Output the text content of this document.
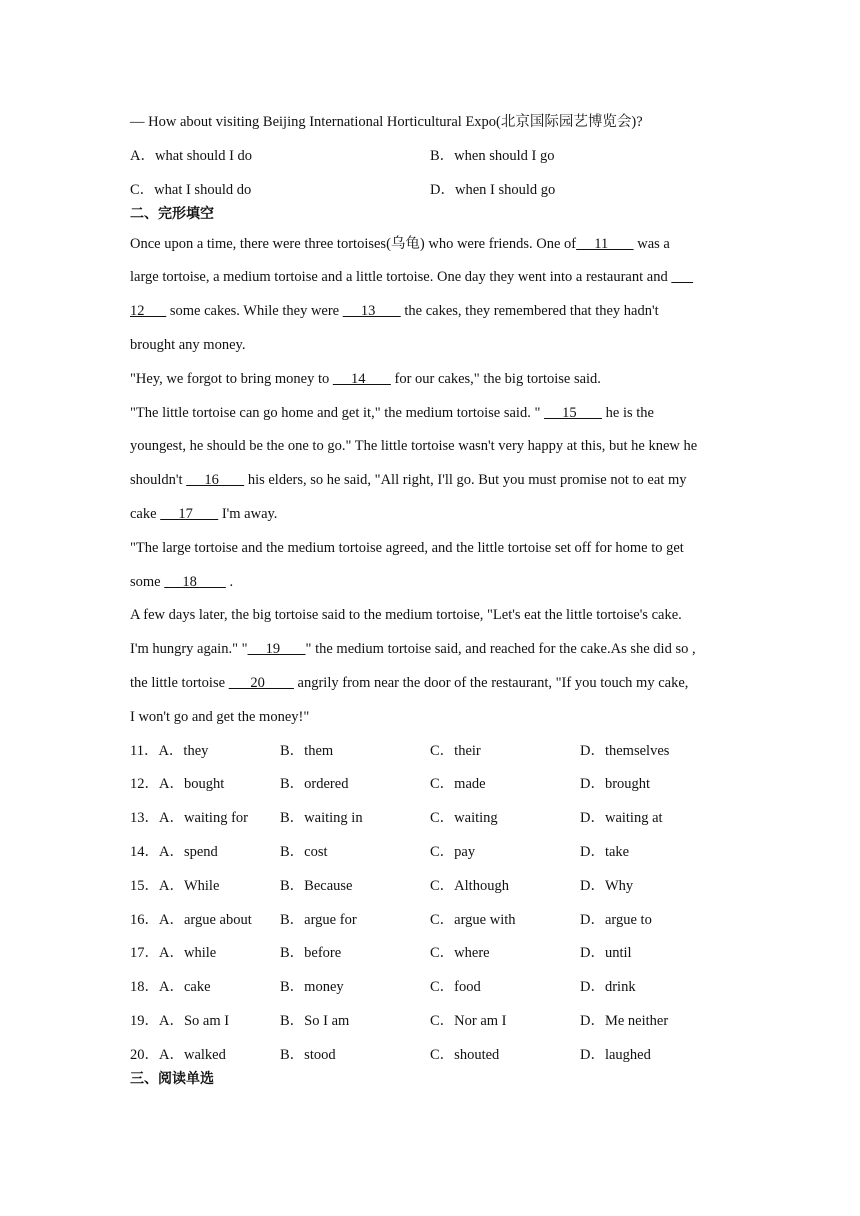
— How about visiting Beijing International Horticultural Expo(北京国际园艺博览会)?
A．what should I do	B．when should I go
C．what I should do	D．when I should go
二、完形填空
Once upon a time, there were three tortoises(乌龟) who were friends. One of     11        was a
large tortoise, a medium tortoise and a little tortoise. One day they went into a restaurant and
12       some cakes. While they were      13        the cakes, they remembered that they hadn't
brought any money.
"Hey, we forgot to bring money to      14        for our cakes," the big tortoise said.
"The little tortoise can go home and get it," the medium tortoise said. "      15        he is the
youngest, he should be the one to go." The little tortoise wasn't very happy at this, but he knew he
shouldn't      16        his elders, so he said, "All right, I'll go. But you must promise not to eat my
cake      17        I'm away.
"The large tortoise and the medium tortoise agreed, and the little tortoise set off for home to get
some      18         .
A few days later, the big tortoise said to the medium tortoise, "Let's eat the little tortoise's cake.
I'm hungry again." "     19       " the medium tortoise said, and reached for the cake.As she did so ,
the little tortoise       20         angrily from near the door of the restaurant, "If you touch my cake,
I won't go and get the money!"
11．A．they	B．them	C．their	D．themselves
12．A．bought	B．ordered	C．made	D．brought
13．A．waiting for	B．waiting in	C．waiting	D．waiting at
14．A．spend	B．cost	C．pay	D．take
15．A．While	B．Because	C．Although	D．Why
16．A．argue about	B．argue for	C．argue with	D．argue to
17．A．while	B．before	C．where	D．until
18．A．cake	B．money	C．food	D．drink
19．A．So am I	B．So I am	C．Nor am I	D．Me neither
20．A．walked	B．stood	C．shouted	D．laughed
三、阅读单选
